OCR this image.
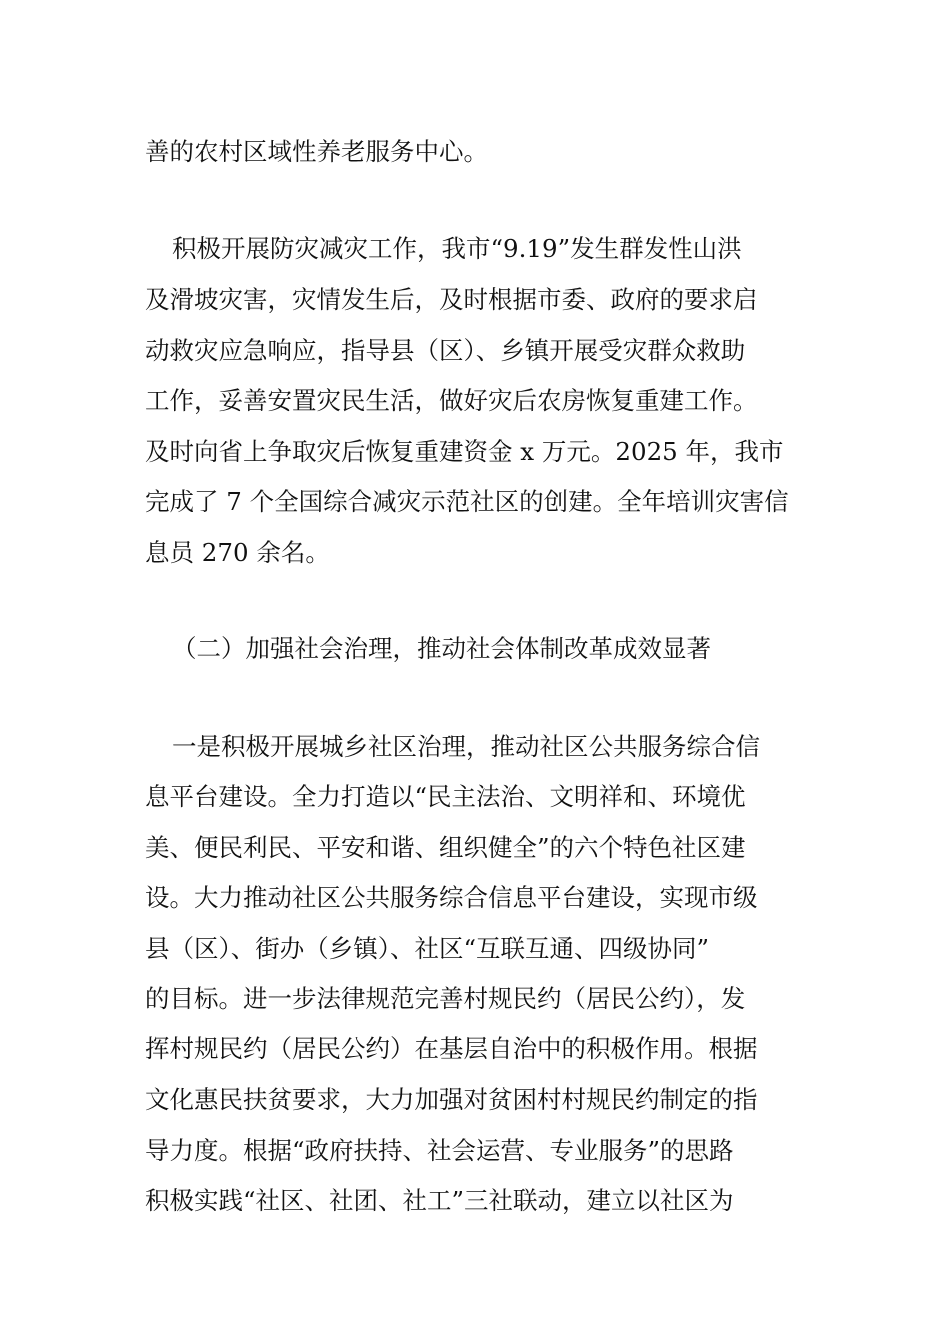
善的农村区域性养老服务中心。
积极开展防灾减灾工作，我市“9.19”发生群发性山洪
及滑坡灾害，灾情发生后，及时根据市委、政府的要求启
动救灾应急响应，指导县（区）、乡镇开展受灾群众救助
工作，妥善安置灾民生活，做好灾后农房恢复重建工作。
及时向省上争取灾后恢复重建资金 x 万元。2025 年，我市
完成了 7 个全国综合减灾示范社区的创建。全年培训灾害信
息员 270 余名。
（二）加强社会治理，推动社会体制改革成效显著
一是积极开展城乡社区治理，推动社区公共服务综合信
息平台建设。全力打造以“民主法治、文明祥和、环境优
美、便民利民、平安和谐、组织健全”的六个特色社区建
设。大力推动社区公共服务综合信息平台建设，实现市级
县（区）、街办（乡镇）、社区“互联互通、四级协同”
的目标。进一步法律规范完善村规民约（居民公约），发
挥村规民约（居民公约）在基层自治中的积极作用。根据
文化惠民扶贫要求，大力加强对贫困村村规民约制定的指
导力度。根据“政府扶持、社会运营、专业服务”的思路
积极实践“社区、社团、社工”三社联动，建立以社区为
